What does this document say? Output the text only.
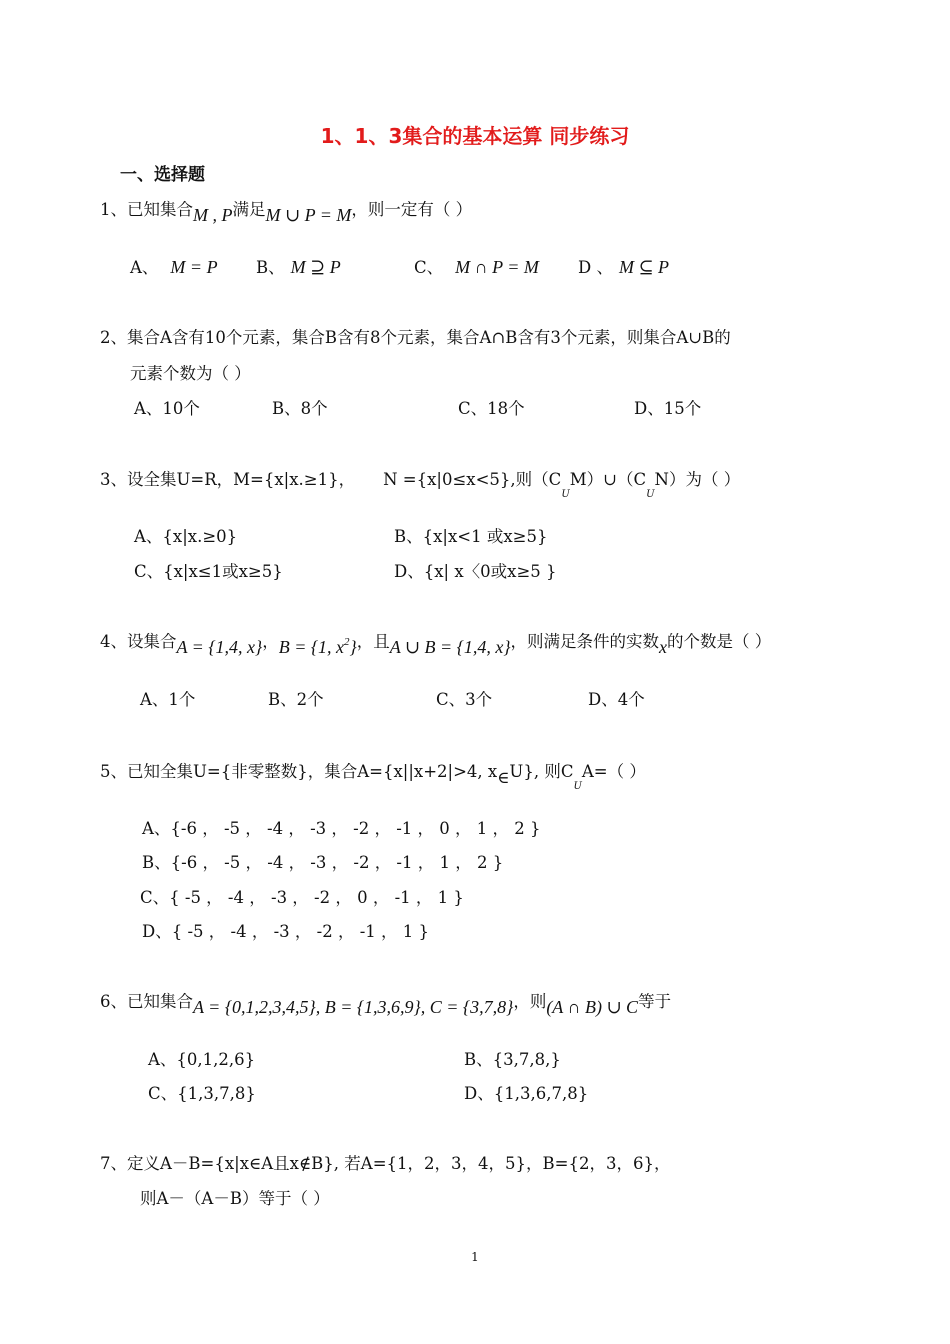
1、1、3集合的基本运算 同步练习
一、选择题
1、已知集合M , P满足M ∪ P = M，则一定有（ ）
A、 M = P B、 M ⊇ P	C、 M ∩ P = M D 、 M ⊆ P
2、集合A含有10个元素，集合B含有8个元素，集合A∩B含有3个元素，则集合A∪B的
元素个数为（ ）
A、10个	B、8个	C、18个	D、15个
3、设全集U=R，M={x|x.≥1}， N ={x|0≤x<5},则$(C_UM)\cup(C_UN)$为（ ）
A、{x|x.≥0}	B、{x|x<1 或x≥5}
C、{x|x≤1或x≥5}	D、{x| x〈0或x≥5 }
4、设集合A = {1,4, x}，B = {1, $x^2$}，且A ∪ B = {1,4, x}，则满足条件的实数x的个数是（ ）
A、1个	B、2个	C、3个	D、4个
5、已知全集U={非零整数}，集合A={x||x+2|>4, x∈U}, 则$C_UA=$（ ）
A、{-6 ， -5 ， -4 ， -3 ， -2 ， -1 ， 0 ， 1 ， 2 }
B、{-6 ， -5 ， -4 ， -3 ， -2 ， -1 ， 1 ， 2 }
C、{ -5 ， -4 ， -3 ， -2 ， 0 ， -1 ， 1 }
D、{ -5 ， -4 ， -3 ， -2 ， -1 ， 1 }
6、已知集合A = {0,1,2,3,4,5}, B = {1,3,6,9}, C = {3,7,8}，则(A ∩ B) ∪ C等于
A、{0,1,2,6}	B、{3,7,8,}
C、{1,3,7,8}	D、{1,3,6,7,8}
7、定义A－B={x|x∈A且x∉B}, 若A={1，2，3，4，5}，B={2，3，6}，
则A－（A－B）等于（ ）
1
